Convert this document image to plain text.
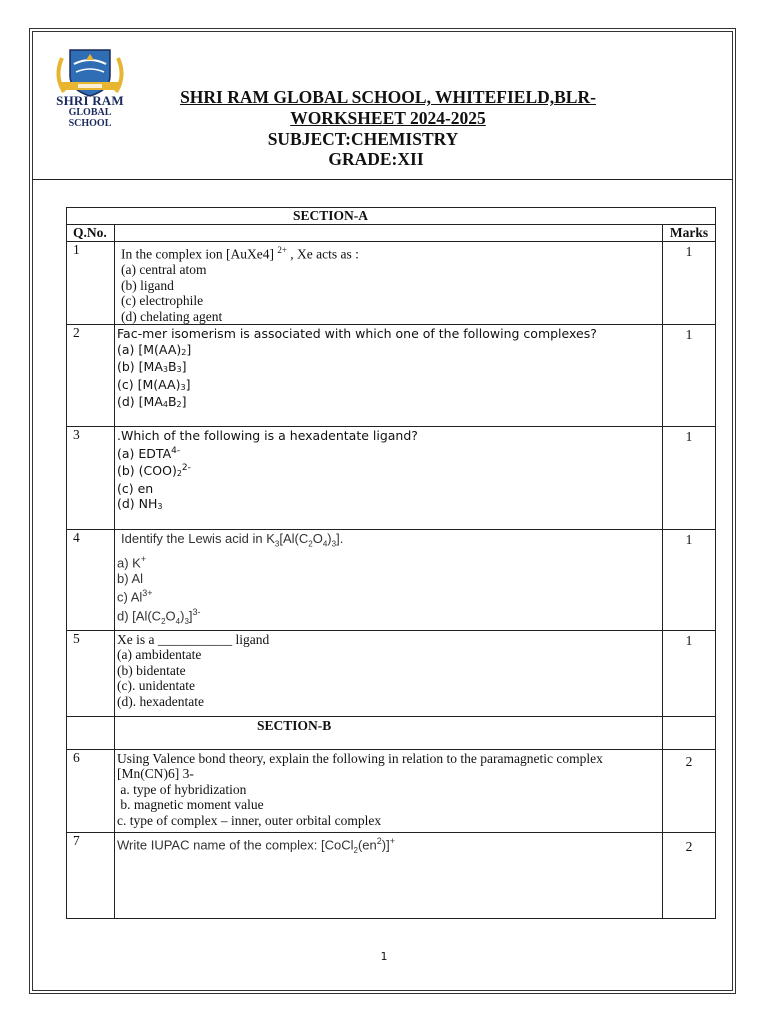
SHRI RAM
GLOBAL
SCHOOL
SHRI RAM GLOBAL SCHOOL, WHITEFIELD,BLR-
WORKSHEET 2024-2025
SUBJECT:CHEMISTRY
GRADE:XII
SECTION-A		
Q.No.		Marks
1	In the complex ion [AuXe4] $^{2+}$ , Xe acts as :
(a) central atom
(b) ligand
(c) electrophile
(d) chelating agent	1
2	Fac-mer isomerism is associated with which one of the following complexes?
(a) [M(AA)2]
(b) [MA3B3]
(c) [M(AA)3]
(d) [MA4B2]	1
3	.Which of the following is a hexadentate ligand?
(a) $EDTA^{4-}$
(b) $(COO)2^{2-}$
(c) en
(d) NH3	1
4	Identify the Lewis acid in $K_3[Al(C_2O_4)_3]$.
a) K+
b) Al
c) $Al^{3+}$
d) $[Al(C_2O_4)_3]^{3-}$	1
5	Xe is a ___________ ligand
(a) ambidentate
(b) bidentate
(c). unidentate
(d). hexadentate	1
	SECTION-B	
6	Using Valence bond theory, explain the following in relation to the paramagnetic complex [Mn(CN)6] 3-
a. type of hybridization
b. magnetic moment value
c. type of complex – inner, outer orbital complex	2
7	Write IUPAC name of the complex: $[CoCl_2(en^2)]^+$	2
1
